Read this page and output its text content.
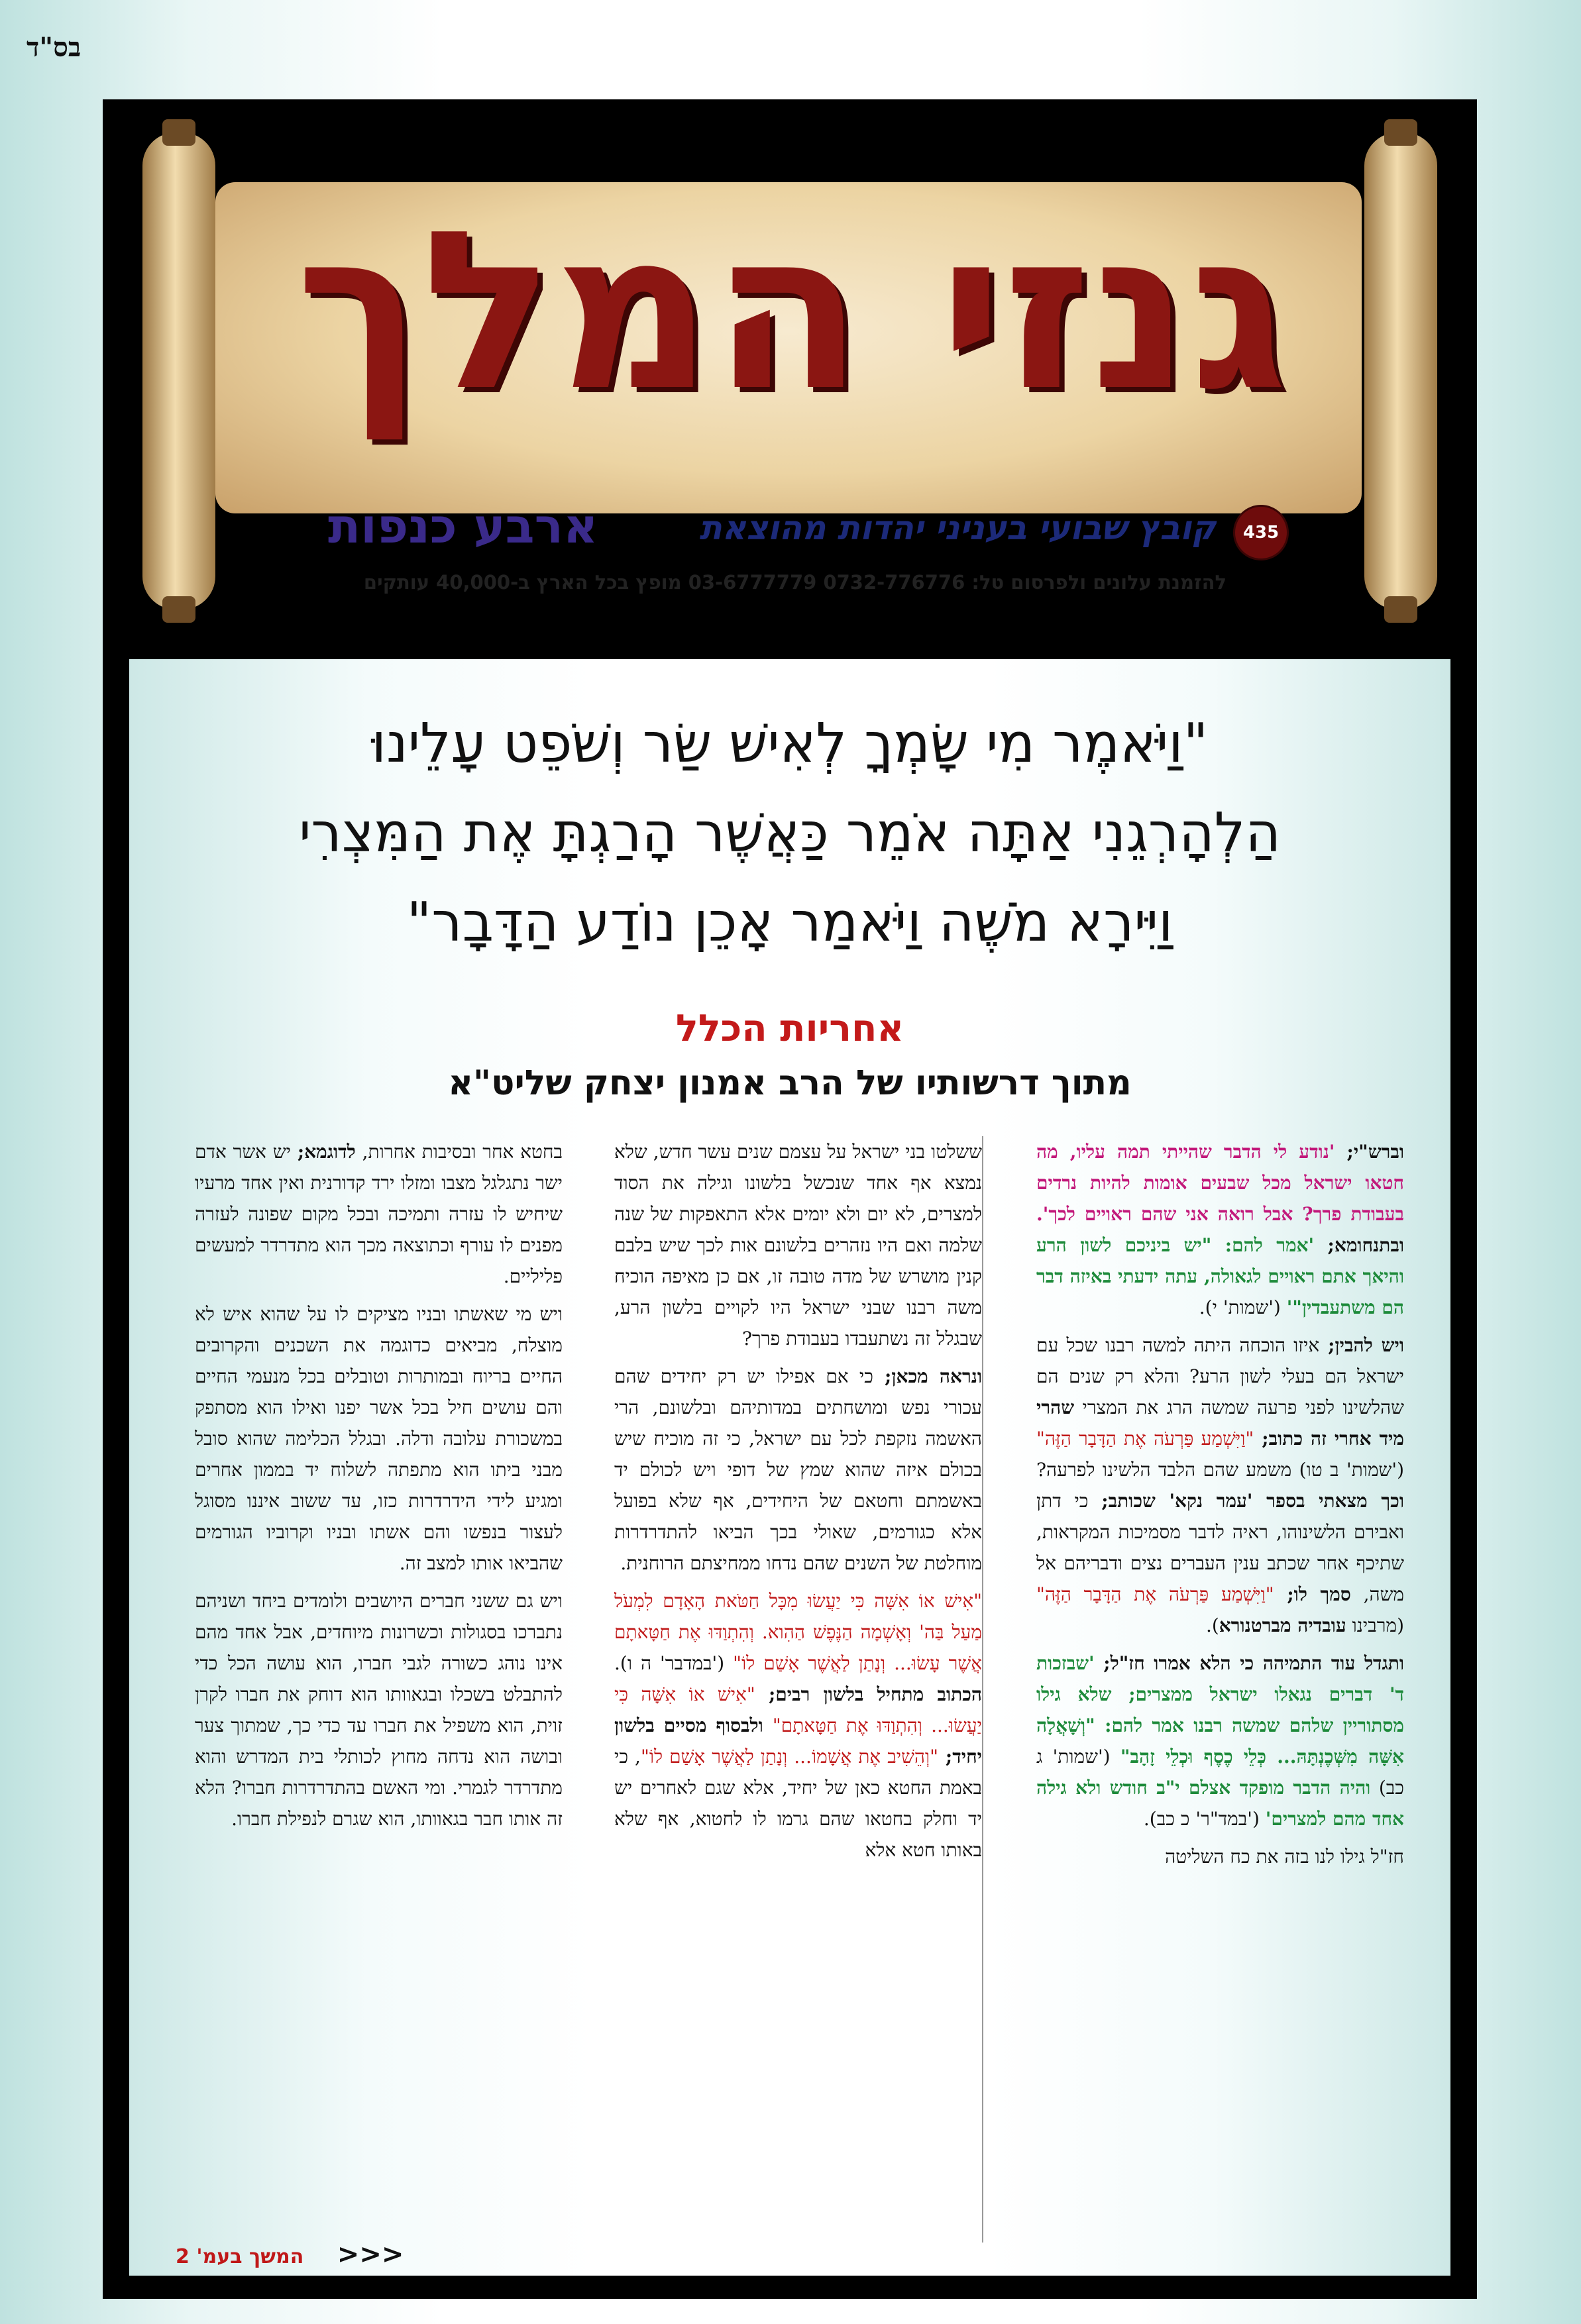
בס"ד
גנזי המלך
435
קובץ שבועי בעניני יהדות מהוצאת
ארבע כנפות
להזמנת עלונים ולפרסום טל: 0732-776776 03-6777779 מופץ בכל הארץ ב-40,000 עותקים
"וַיֹּאמֶר מִי שָׂמְךָ לְאִישׁ שַׂר וְשֹׁפֵט עָלֵינוּ
הַלְהָרְגֵנִי אַתָּה אֹמֵר כַּאֲשֶׁר הָרַגְתָּ אֶת הַמִּצְרִי
וַיִּירָא מֹשֶׁה וַיֹּאמַר אָכֵן נוֹדַע הַדָּבָר"
אחריות הכלל
מתוך דרשותיו של הרב אמנון יצחק שליט"א

וברש"י; 'נודע לי הדבר שהייתי תמה עליו, מה חטאו ישראל מכל שבעים אומות להיות נרדים בעבודת פרך? אבל רואה אני שהם ראויים לכך'. ובתנחומא; 'אמר להם: "יש ביניכם לשון הרע והיאך אתם ראויים לגאולה, עתה ידעתי באיזה דבר הם משתעבדין"' ('שמות' י).

ויש להבין; איזו הוכחה היתה למשה רבנו שכל עם ישראל הם בעלי לשון הרע? והלא רק שנים הם שהלשינו לפני פרעה שמשה הרג את המצרי שהרי מיד אחרי זה כתוב; "וַיִּשְׁמַע פַּרְעֹה אֶת הַדָּבָר הַזֶּה" ('שמות' ב טו) משמע שהם הלבד הלשינו לפרעה? וכך מצאתי בספר 'עמר נקא' שכותב; כי דתן ואבירם הלשינוהו, ראיה לדבר מסמיכות המקראות, שתיכף אחר שכתב ענין העברים נצים ודבריהם אל משה, סמך לו; "וַיִּשְׁמַע פַּרְעֹה אֶת הַדָּבָר הַזֶּה" (מרבינו עובדיה מברטנורא).

ותגדל עוד התמיהה כי הלא אמרו חז"ל; 'שבזכות ד' דברים נגאלו ישראל ממצרים; שלא גילו מסתוריין שלהם שמשה רבנו אמר להם: "וְשָׁאֲלָה אִשָּׁה מִשְּׁכֶנְתָּהּ... כְּלֵי כֶסֶף וּכְלֵי זָהָב" ('שמות' ג כב) והיה הדבר מופקד אצלם י"ב חודש ולא גילה אחד מהם למצרים' ('במד"ר' כ כב).

חז"ל גילו לנו בזה את כח השליטה

ששלטו בני ישראל על עצמם שנים עשר חדש, שלא נמצא אף אחד שנכשל בלשונו וגילה את הסוד למצרים, לא יום ולא יומים אלא התאפקות של שנה שלמה ואם היו נזהרים בלשונם אות לכך שיש בלבם קנין מושרש של מדה טובה זו, אם כן מאיפה הוכיח משה רבנו שבני ישראל היו לקויים בלשון הרע, שבגלל זה נשתעבדו בעבודת פרך?

ונראה מכאן; כי אם אפילו יש רק יחידים שהם עכורי נפש ומושחתים במדותיהם ובלשונם, הרי האשמה נזקפת לכל עם ישראל, כי זה מוכיח שיש בכולם איזה שהוא שמץ של דופי ויש לכולם יד באשמתם וחטאם של היחידים, אף שלא בפועל אלא כגורמים, שאולי בכך הביאו להתדרדרות מוחלטת של השנים שהם נדחו ממחיצתם הרוחנית.

"אִישׁ אוֹ אִשָּׁה כִּי יַעֲשׂוּ מִכָּל חַטֹּאת הָאָדָם לִמְעֹל מַעַל בַּה' וְאָשְׁמָה הַנֶּפֶשׁ הַהִוא. וְהִתְוַדּוּ אֶת חַטָּאתָם אֲשֶׁר עָשׂוּ... וְנָתַן לַאֲשֶׁר אָשַׁם לוֹ" ('במדבר' ה ו). הכתוב מתחיל בלשון רבים; "אִישׁ אוֹ אִשָּׁה כִּי יַעֲשׂוּ... וְהִתְוַדּוּ אֶת חַטָּאתָם" ולבסוף מסיים בלשון יחיד; "וְהֵשִׁיב אֶת אֲשָׁמוֹ... וְנָתַן לַאֲשֶׁר אָשַׁם לוֹ", כי באמת החטא כאן של יחיד, אלא שגם לאחרים יש יד וחלק בחטאו שהם גרמו לו לחטוא, אף שלא באותו חטא אלא

בחטא אחר ובסיבות אחרות, לדוגמא; יש אשר אדם ישר נתגלגל מצבו ומזלו ירד קדורנית ואין אחד מרעיו שיחיש לו עזרה ותמיכה ובכל מקום שפונה לעזרה מפנים לו עורף וכתוצאה מכך הוא מתדרדר למעשים פליליים.

ויש מי שאשתו ובניו מציקים לו על שהוא איש לא מוצלח, מביאים כדוגמה את השכנים והקרובים החיים בריוח ובמותרות וטובלים בכל מנעמי החיים והם עושים חיל בכל אשר יפנו ואילו הוא מסתפק במשכורת עלובה ודלה. ובגלל הכלימה שהוא סובל מבני ביתו הוא מתפתה לשלוח יד בממון אחרים ומגיע לידי הידרדרות כזו, עד ששוב איננו מסוגל לעצור בנפשו והם אשתו ובניו וקרוביו הגורמים שהביאו אותו למצב זה.

ויש גם ששני חברים היושבים ולומדים ביחד ושניהם נתברכו בסגולות וכשרונות מיוחדים, אבל אחד מהם אינו נוהג כשורה לגבי חברו, הוא עושה הכל כדי להתבלט בשכלו ובגאוותו הוא דוחק את חברו לקרן זוית, הוא משפיל את חברו עד כדי כך, שמתוך צער ובושה הוא נדחה מחוץ לכותלי בית המדרש והוא מתדרדר לגמרי. ומי האשם בהתדרדרות חברו? הלא זה אותו חבר בגאוותו, הוא שגרם לנפילת חברו.

<<< המשך בעמ' 2
